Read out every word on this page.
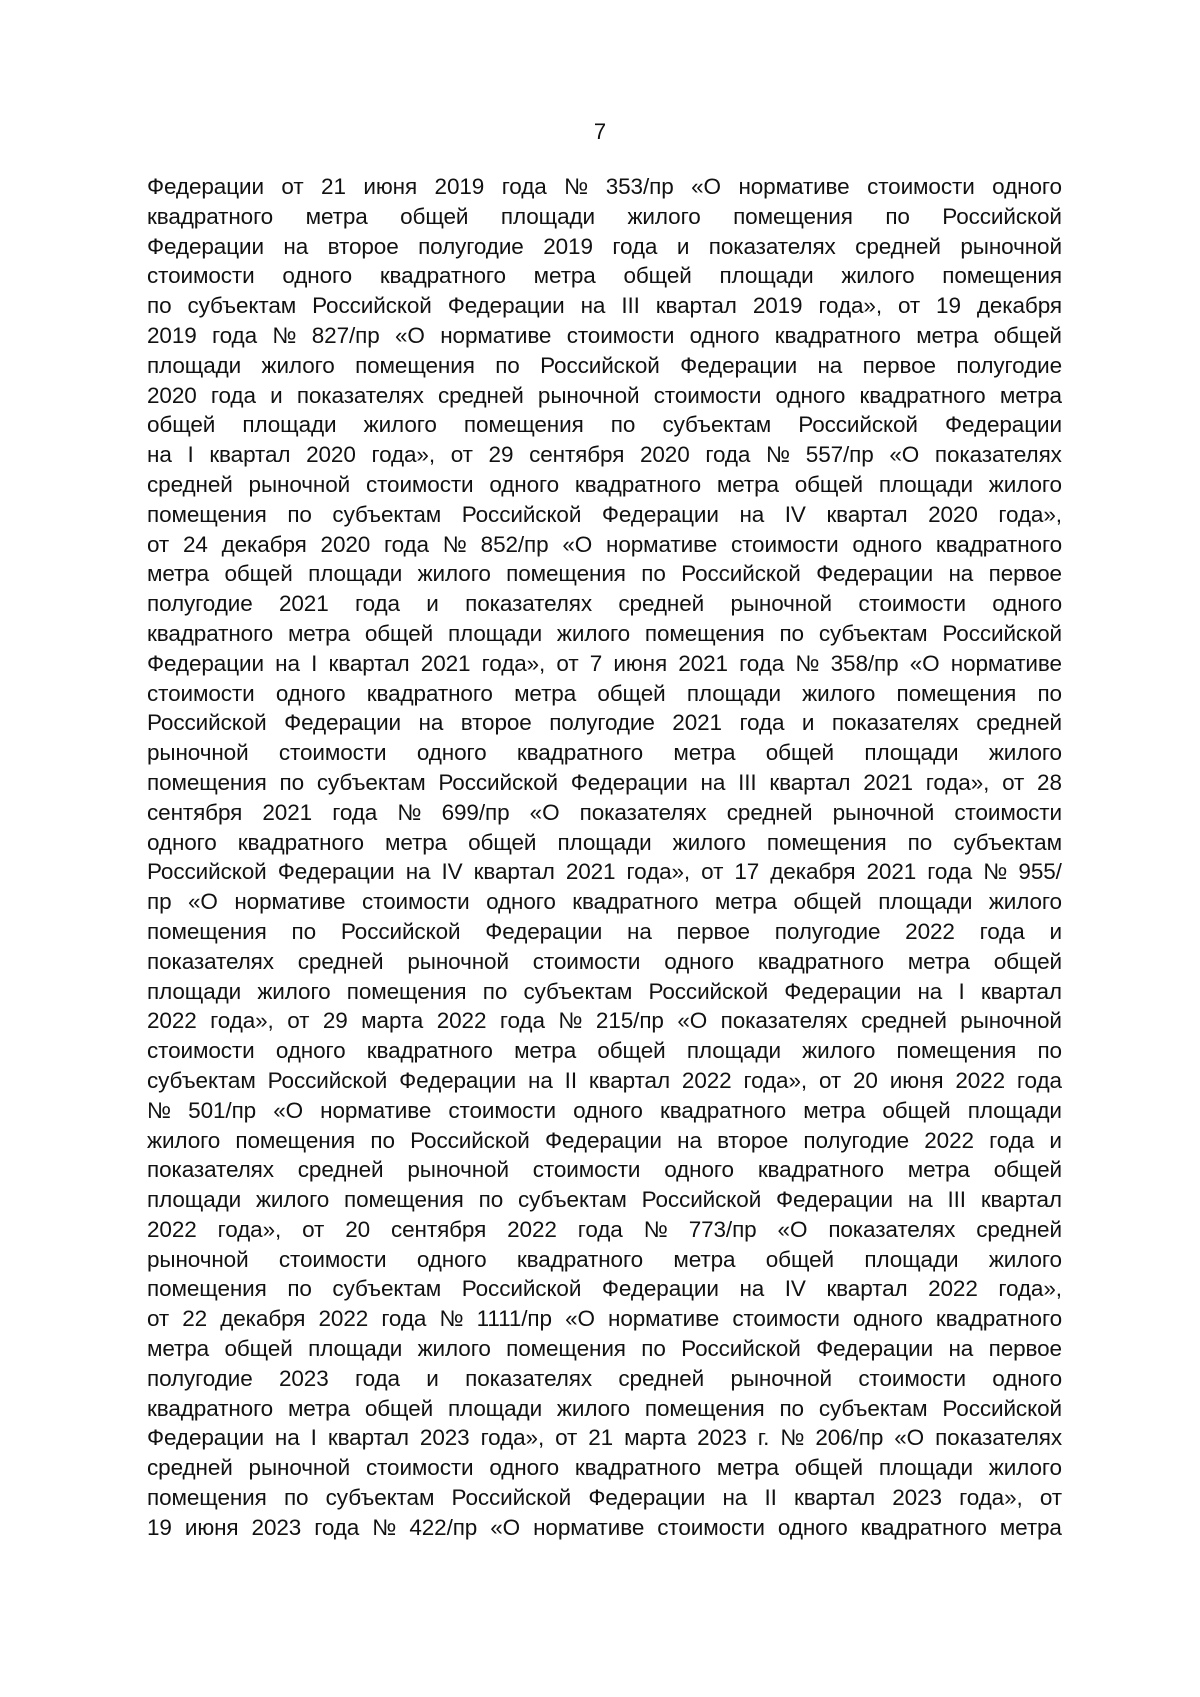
7
Федерации от 21 июня 2019 года № 353/пр «О нормативе стоимости одного
квадратного метра общей площади жилого помещения по Российской
Федерации на второе полугодие 2019 года и показателях средней рыночной
стоимости одного квадратного метра общей площади жилого помещения
по субъектам Российской Федерации на III квартал 2019 года», от 19 декабря
2019 года № 827/пр «О нормативе стоимости одного квадратного метра общей
площади жилого помещения по Российской Федерации на первое полугодие
2020 года и показателях средней рыночной стоимости одного квадратного метра
общей площади жилого помещения по субъектам Российской Федерации
на I квартал 2020 года», от 29 сентября 2020 года № 557/пр «О показателях
средней рыночной стоимости одного квадратного метра общей площади жилого
помещения по субъектам Российской Федерации на IV квартал 2020 года»,
от 24 декабря 2020 года № 852/пр «О нормативе стоимости одного квадратного
метра общей площади жилого помещения по Российской Федерации на первое
полугодие 2021 года и показателях средней рыночной стоимости одного
квадратного метра общей площади жилого помещения по субъектам Российской
Федерации на I квартал 2021 года», от 7 июня 2021 года № 358/пр «О нормативе
стоимости одного квадратного метра общей площади жилого помещения по
Российской Федерации на второе полугодие 2021 года и показателях средней
рыночной стоимости одного квадратного метра общей площади жилого
помещения по субъектам Российской Федерации на III квартал 2021 года», от 28
сентября 2021 года № 699/пр «О показателях средней рыночной стоимости
одного квадратного метра общей площади жилого помещения по субъектам
Российской Федерации на IV квартал 2021 года», от 17 декабря 2021 года № 955/
пр «О нормативе стоимости одного квадратного метра общей площади жилого
помещения по Российской Федерации на первое полугодие 2022 года и
показателях средней рыночной стоимости одного квадратного метра общей
площади жилого помещения по субъектам Российской Федерации на I квартал
2022 года», от 29 марта 2022 года № 215/пр «О показателях средней рыночной
стоимости одного квадратного метра общей площади жилого помещения по
субъектам Российской Федерации на II квартал 2022 года», от 20 июня 2022 года
№ 501/пр «О нормативе стоимости одного квадратного метра общей площади
жилого помещения по Российской Федерации на второе полугодие 2022 года и
показателях средней рыночной стоимости одного квадратного метра общей
площади жилого помещения по субъектам Российской Федерации на III квартал
2022 года», от 20 сентября 2022 года № 773/пр «О показателях средней
рыночной стоимости одного квадратного метра общей площади жилого
помещения по субъектам Российской Федерации на IV квартал 2022 года»,
от 22 декабря 2022 года № 1111/пр «О нормативе стоимости одного квадратного
метра общей площади жилого помещения по Российской Федерации на первое
полугодие 2023 года и показателях средней рыночной стоимости одного
квадратного метра общей площади жилого помещения по субъектам Российской
Федерации на I квартал 2023 года», от 21 марта 2023 г. № 206/пр «О показателях
средней рыночной стоимости одного квадратного метра общей площади жилого
помещения по субъектам Российской Федерации на II квартал 2023 года», от
19 июня 2023 года № 422/пр «О нормативе стоимости одного квадратного метра
